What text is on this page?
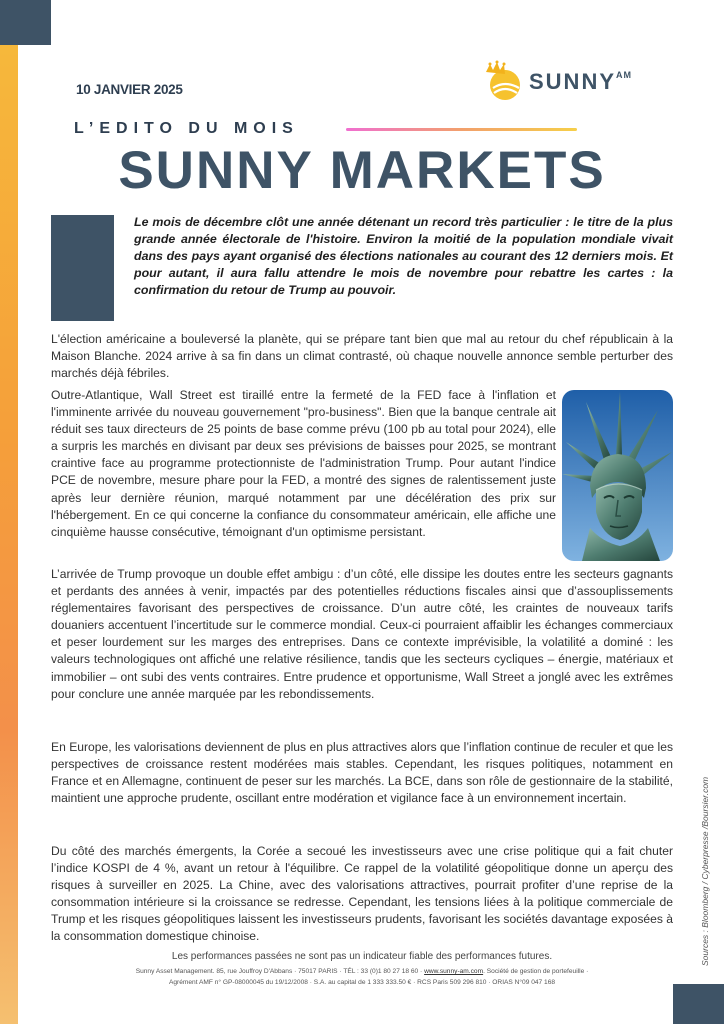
10 JANVIER 2025	$SUNNY^{AM}$
L’EDITO DU MOIS
SUNNY MARKETS

Le mois de décembre clôt une année détenant un record très particulier : le titre de la plus grande année électorale de l'histoire. Environ la moitié de la population mondiale vivait dans des pays ayant organisé des élections nationales au courant des 12 derniers mois. Et pour autant, il aura fallu attendre le mois de novembre pour rebattre les cartes : la confirmation du retour de Trump au pouvoir.

L'élection américaine a bouleversé la planète, qui se prépare tant bien que mal au retour du chef républicain à la Maison Blanche. 2024 arrive à sa fin dans un climat contrasté, où chaque nouvelle annonce semble perturber des marchés déjà fébriles.

Outre-Atlantique, Wall Street est tiraillé entre la fermeté de la FED face à l'inflation et l'imminente arrivée du nouveau gouvernement "pro-business". Bien que la banque centrale ait réduit ses taux directeurs de 25 points de base comme prévu (100 pb au total pour 2024), elle a surpris les marchés en divisant par deux ses prévisions de baisses pour 2025, se montrant craintive face au programme protectionniste de l'administration Trump. Pour autant l'indice PCE de novembre, mesure phare pour la FED, a montré des signes de ralentissement juste après leur dernière réunion, marqué notamment par une décélération des prix sur l'hébergement. En ce qui concerne la confiance du consommateur américain, elle affiche une cinquième hausse consécutive, témoignant d'un optimisme persistant.

L’arrivée de Trump provoque un double effet ambigu : d’un côté, elle dissipe les doutes entre les secteurs gagnants et perdants des années à venir, impactés par des potentielles réductions fiscales ainsi que d’assouplissements réglementaires favorisant des perspectives de croissance. D’un autre côté, les craintes de nouveaux tarifs douaniers accentuent l’incertitude sur le commerce mondial. Ceux-ci pourraient affaiblir les échanges commerciaux et peser lourdement sur les marges des entreprises. Dans ce contexte imprévisible, la volatilité a dominé : les valeurs technologiques ont affiché une relative résilience, tandis que les secteurs cycliques – énergie, matériaux et immobilier – ont subi des vents contraires. Entre prudence et opportunisme, Wall Street a jonglé avec les extrêmes pour conclure une année marquée par les rebondissements.

En Europe, les valorisations deviennent de plus en plus attractives alors que l’inflation continue de reculer et que les perspectives de croissance restent modérées mais stables. Cependant, les risques politiques, notamment en France et en Allemagne, continuent de peser sur les marchés. La BCE, dans son rôle de gestionnaire de la stabilité, maintient une approche prudente, oscillant entre modération et vigilance face à un environnement incertain.

Du côté des marchés émergents, la Corée a secoué les investisseurs avec une crise politique qui a fait chuter l’indice KOSPI de 4 %, avant un retour à l'équilibre. Ce rappel de la volatilité géopolitique donne un aperçu des risques à surveiller en 2025. La Chine, avec des valorisations attractives, pourrait profiter d’une reprise de la consommation intérieure si la croissance se redresse. Cependant, les tensions liées à la politique commerciale de Trump et les risques géopolitiques laissent les investisseurs prudents, favorisant les sociétés davantage exposées à la consommation domestique chinoise.	Sources : Bloomberg / Cyberpresse /Boursier.com
Les performances passées ne sont pas un indicateur fiable des performances futures.
Sunny Asset Management. 85, rue Jouffroy D'Abbans · 75017 PARIS · TÉL : 33 (0)1 80 27 18 60 · www.sunny-am.com. Société de gestion de portefeuille ·
Agrément AMF n° GP-08000045 du 19/12/2008 · S.A. au capital de 1 333 333.50 € · RCS Paris 509 296 810 · ORIAS N°09 047 168
